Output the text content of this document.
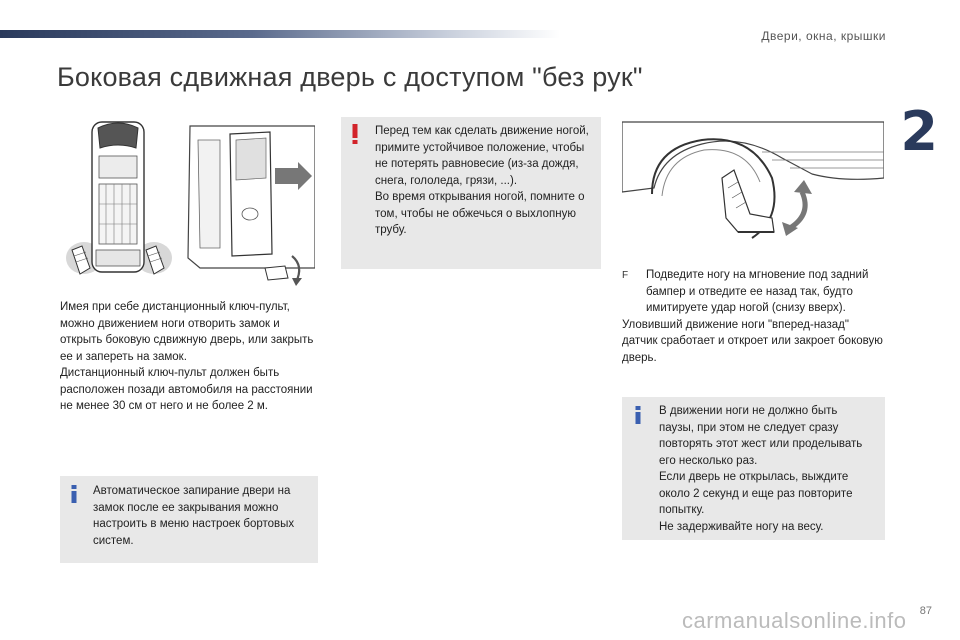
Двери, окна, крышки
2
Боковая сдвижная дверь с доступом "без рук"

Имея при себе дистанционный ключ-пульт, можно движением ноги отворить замок и открыть боковую сдвижную дверь, или закрыть ее и запереть на замок.
Дистанционный ключ-пульт должен быть расположен позади автомобиля на расстоянии не менее 30 см от него и не более 2 м.

Автоматическое запирание двери на замок после ее закрывания можно настроить в меню настроек бортовых систем.

Перед тем как сделать движение ногой, примите устойчивое положение, чтобы не потерять равновесие (из-за дождя, снега, гололеда, грязи, ...).
Во время открывания ногой, помните о том, чтобы не обжечься о выхлопную трубу.

F	Подведите ногу на мгновение под задний бампер и отведите ее назад так, будто имитируете удар ногой (снизу вверх).

Уловивший движение ноги "вперед-назад" датчик сработает и откроет или закроет боковую дверь.

В движении ноги не должно быть паузы, при этом не следует сразу повторять этот жест или проделывать его несколько раз.
Если дверь не открылась, выждите около 2 секунд и еще раз повторите попытку.
Не задерживайте ногу на весу.

carmanualsonline.info 87
